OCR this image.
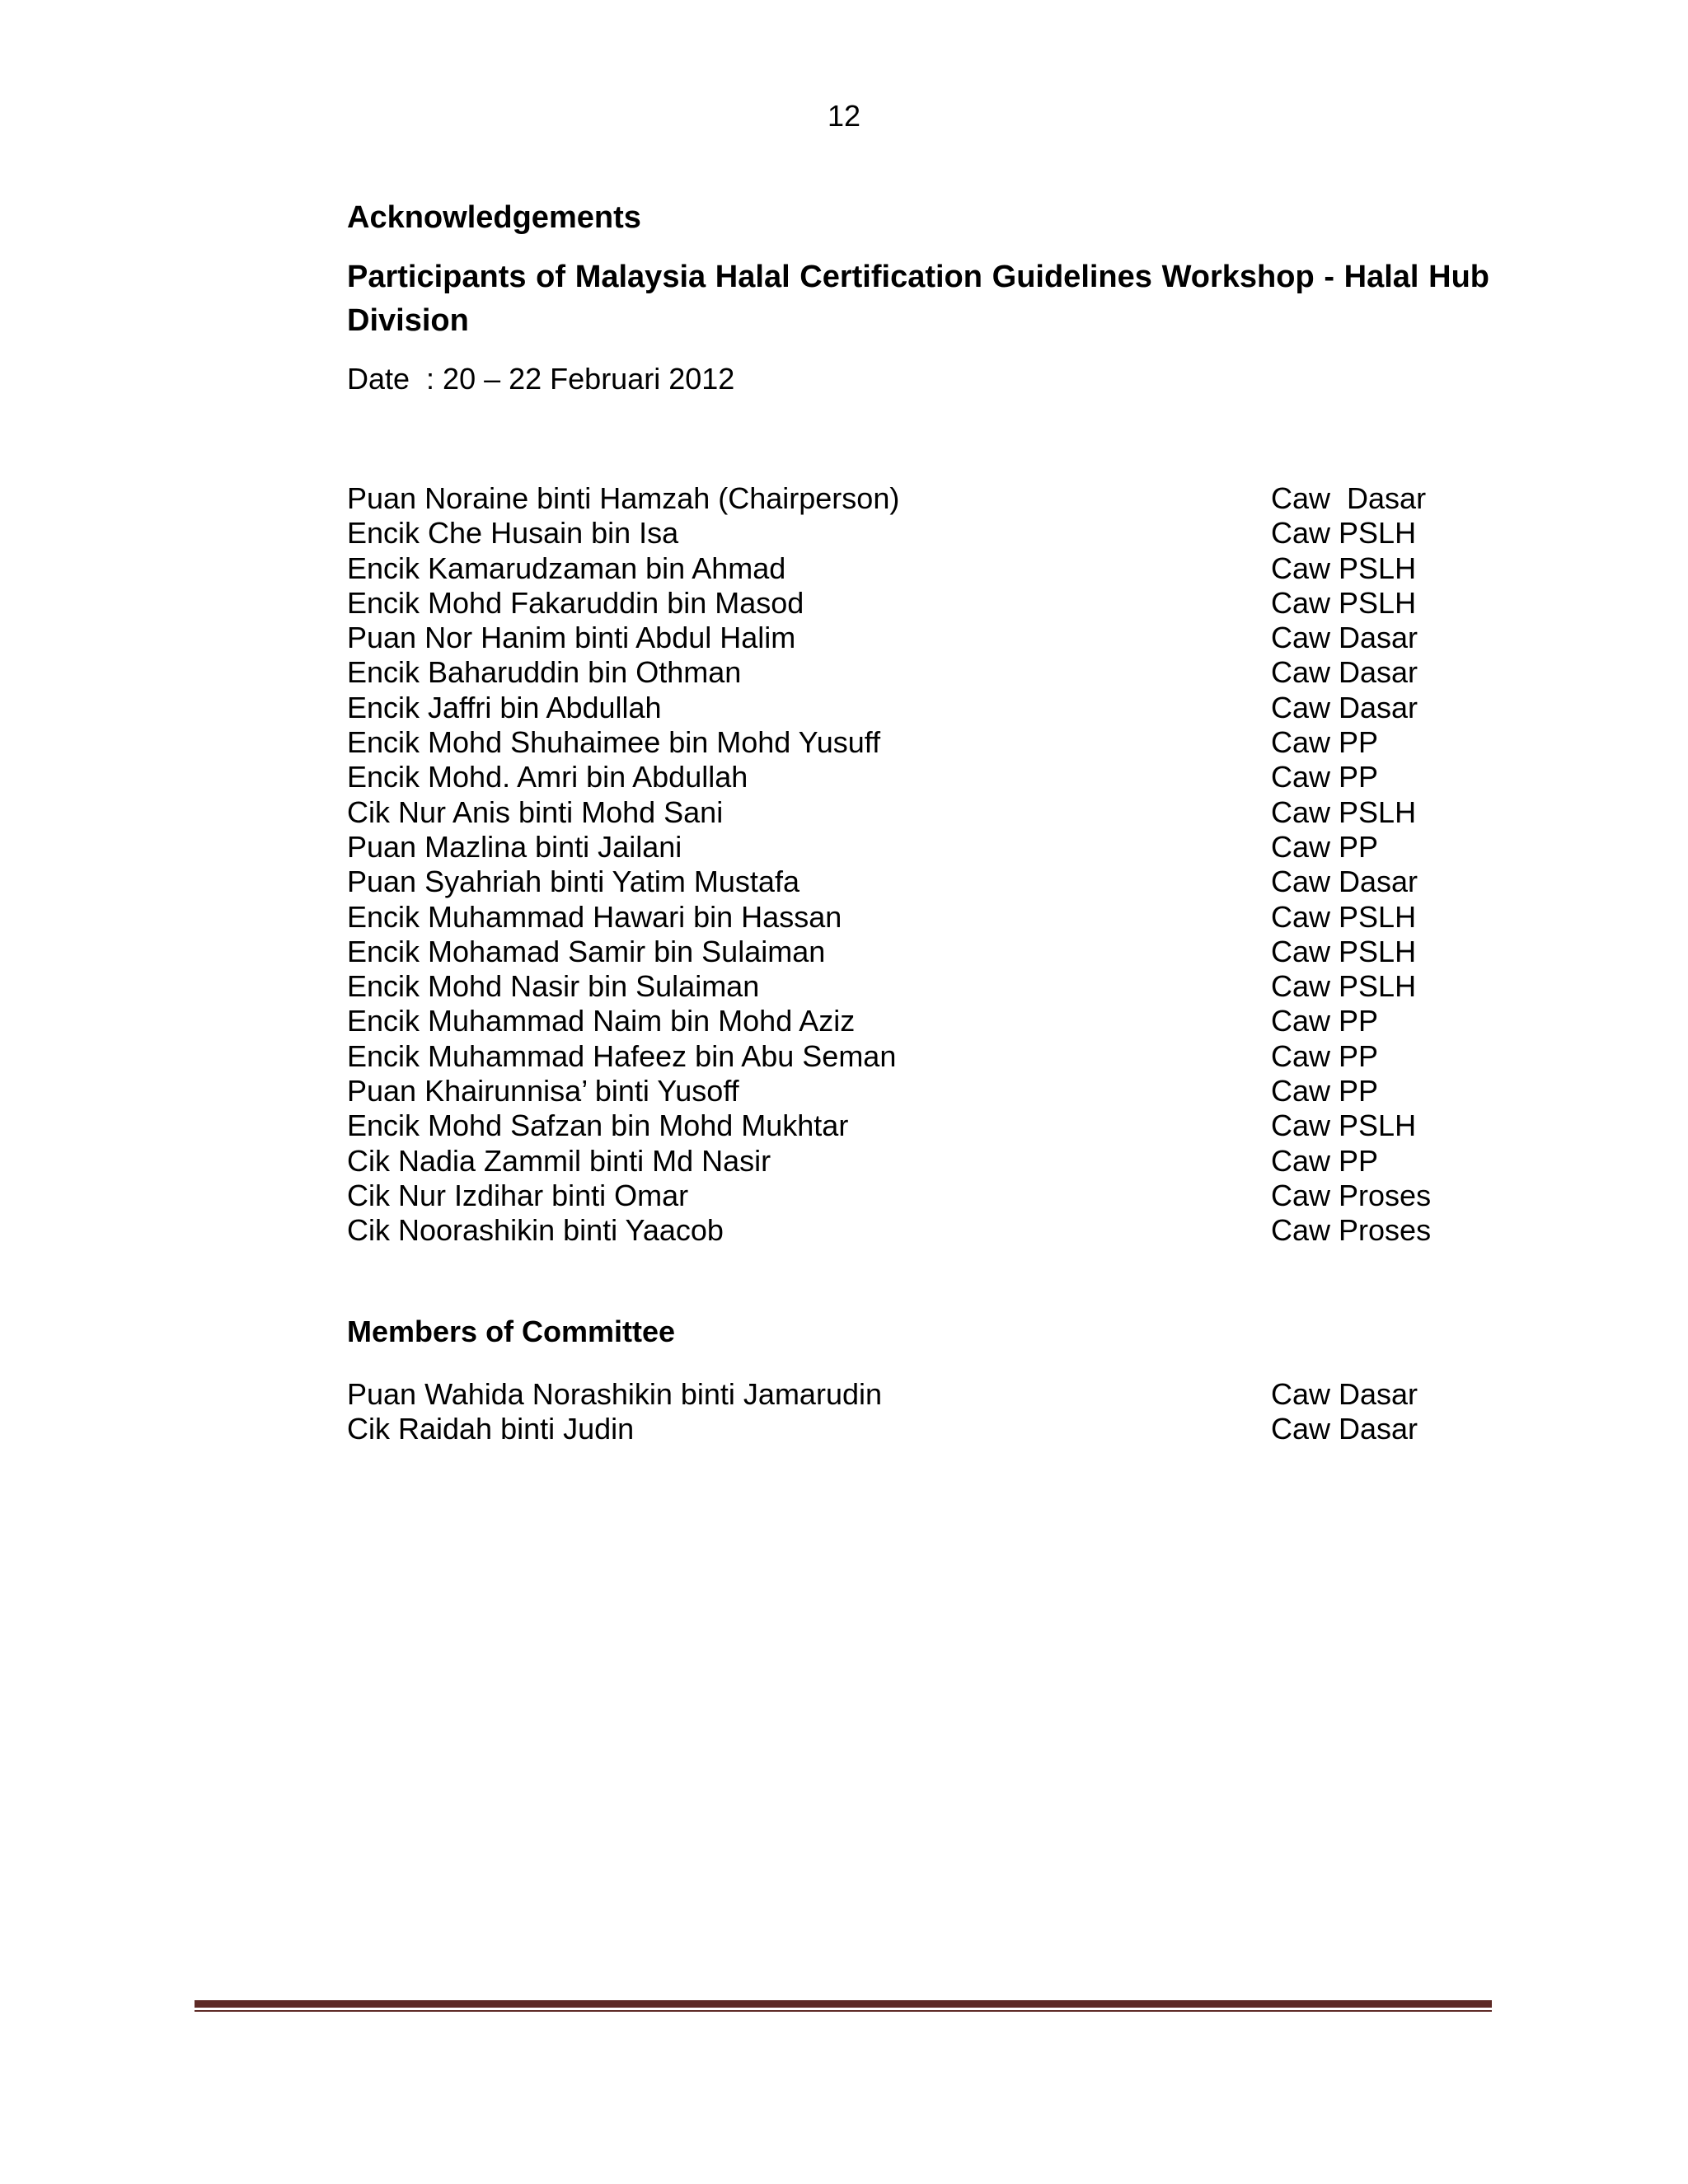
12
Acknowledgements
Participants of Malaysia Halal Certification Guidelines Workshop - Halal Hub Division

Date  : 20 – 22 Februari 2012

Puan Noraine binti Hamzah (Chairperson)	Caw  Dasar
Encik Che Husain bin Isa	Caw PSLH
Encik Kamarudzaman bin Ahmad	Caw PSLH
Encik Mohd Fakaruddin bin Masod	Caw PSLH
Puan Nor Hanim binti Abdul Halim	Caw Dasar
Encik Baharuddin bin Othman	Caw Dasar
Encik Jaffri bin Abdullah	Caw Dasar
Encik Mohd Shuhaimee bin Mohd Yusuff	Caw PP
Encik Mohd. Amri bin Abdullah	Caw PP
Cik Nur Anis binti Mohd Sani	Caw PSLH
Puan Mazlina binti Jailani	Caw PP
Puan Syahriah binti Yatim Mustafa	Caw Dasar
Encik Muhammad Hawari bin Hassan	Caw PSLH
Encik Mohamad Samir bin Sulaiman	Caw PSLH
Encik Mohd Nasir bin Sulaiman	Caw PSLH
Encik Muhammad Naim bin Mohd Aziz	Caw PP
Encik Muhammad Hafeez bin Abu Seman	Caw PP
Puan Khairunnisa’ binti Yusoff	Caw PP
Encik Mohd Safzan bin Mohd Mukhtar	Caw PSLH
Cik Nadia Zammil binti Md Nasir	Caw PP
Cik Nur Izdihar binti Omar	Caw Proses
Cik Noorashikin binti Yaacob	Caw Proses
Members of Committee
Puan Wahida Norashikin binti Jamarudin	Caw Dasar
Cik Raidah binti Judin	Caw Dasar
